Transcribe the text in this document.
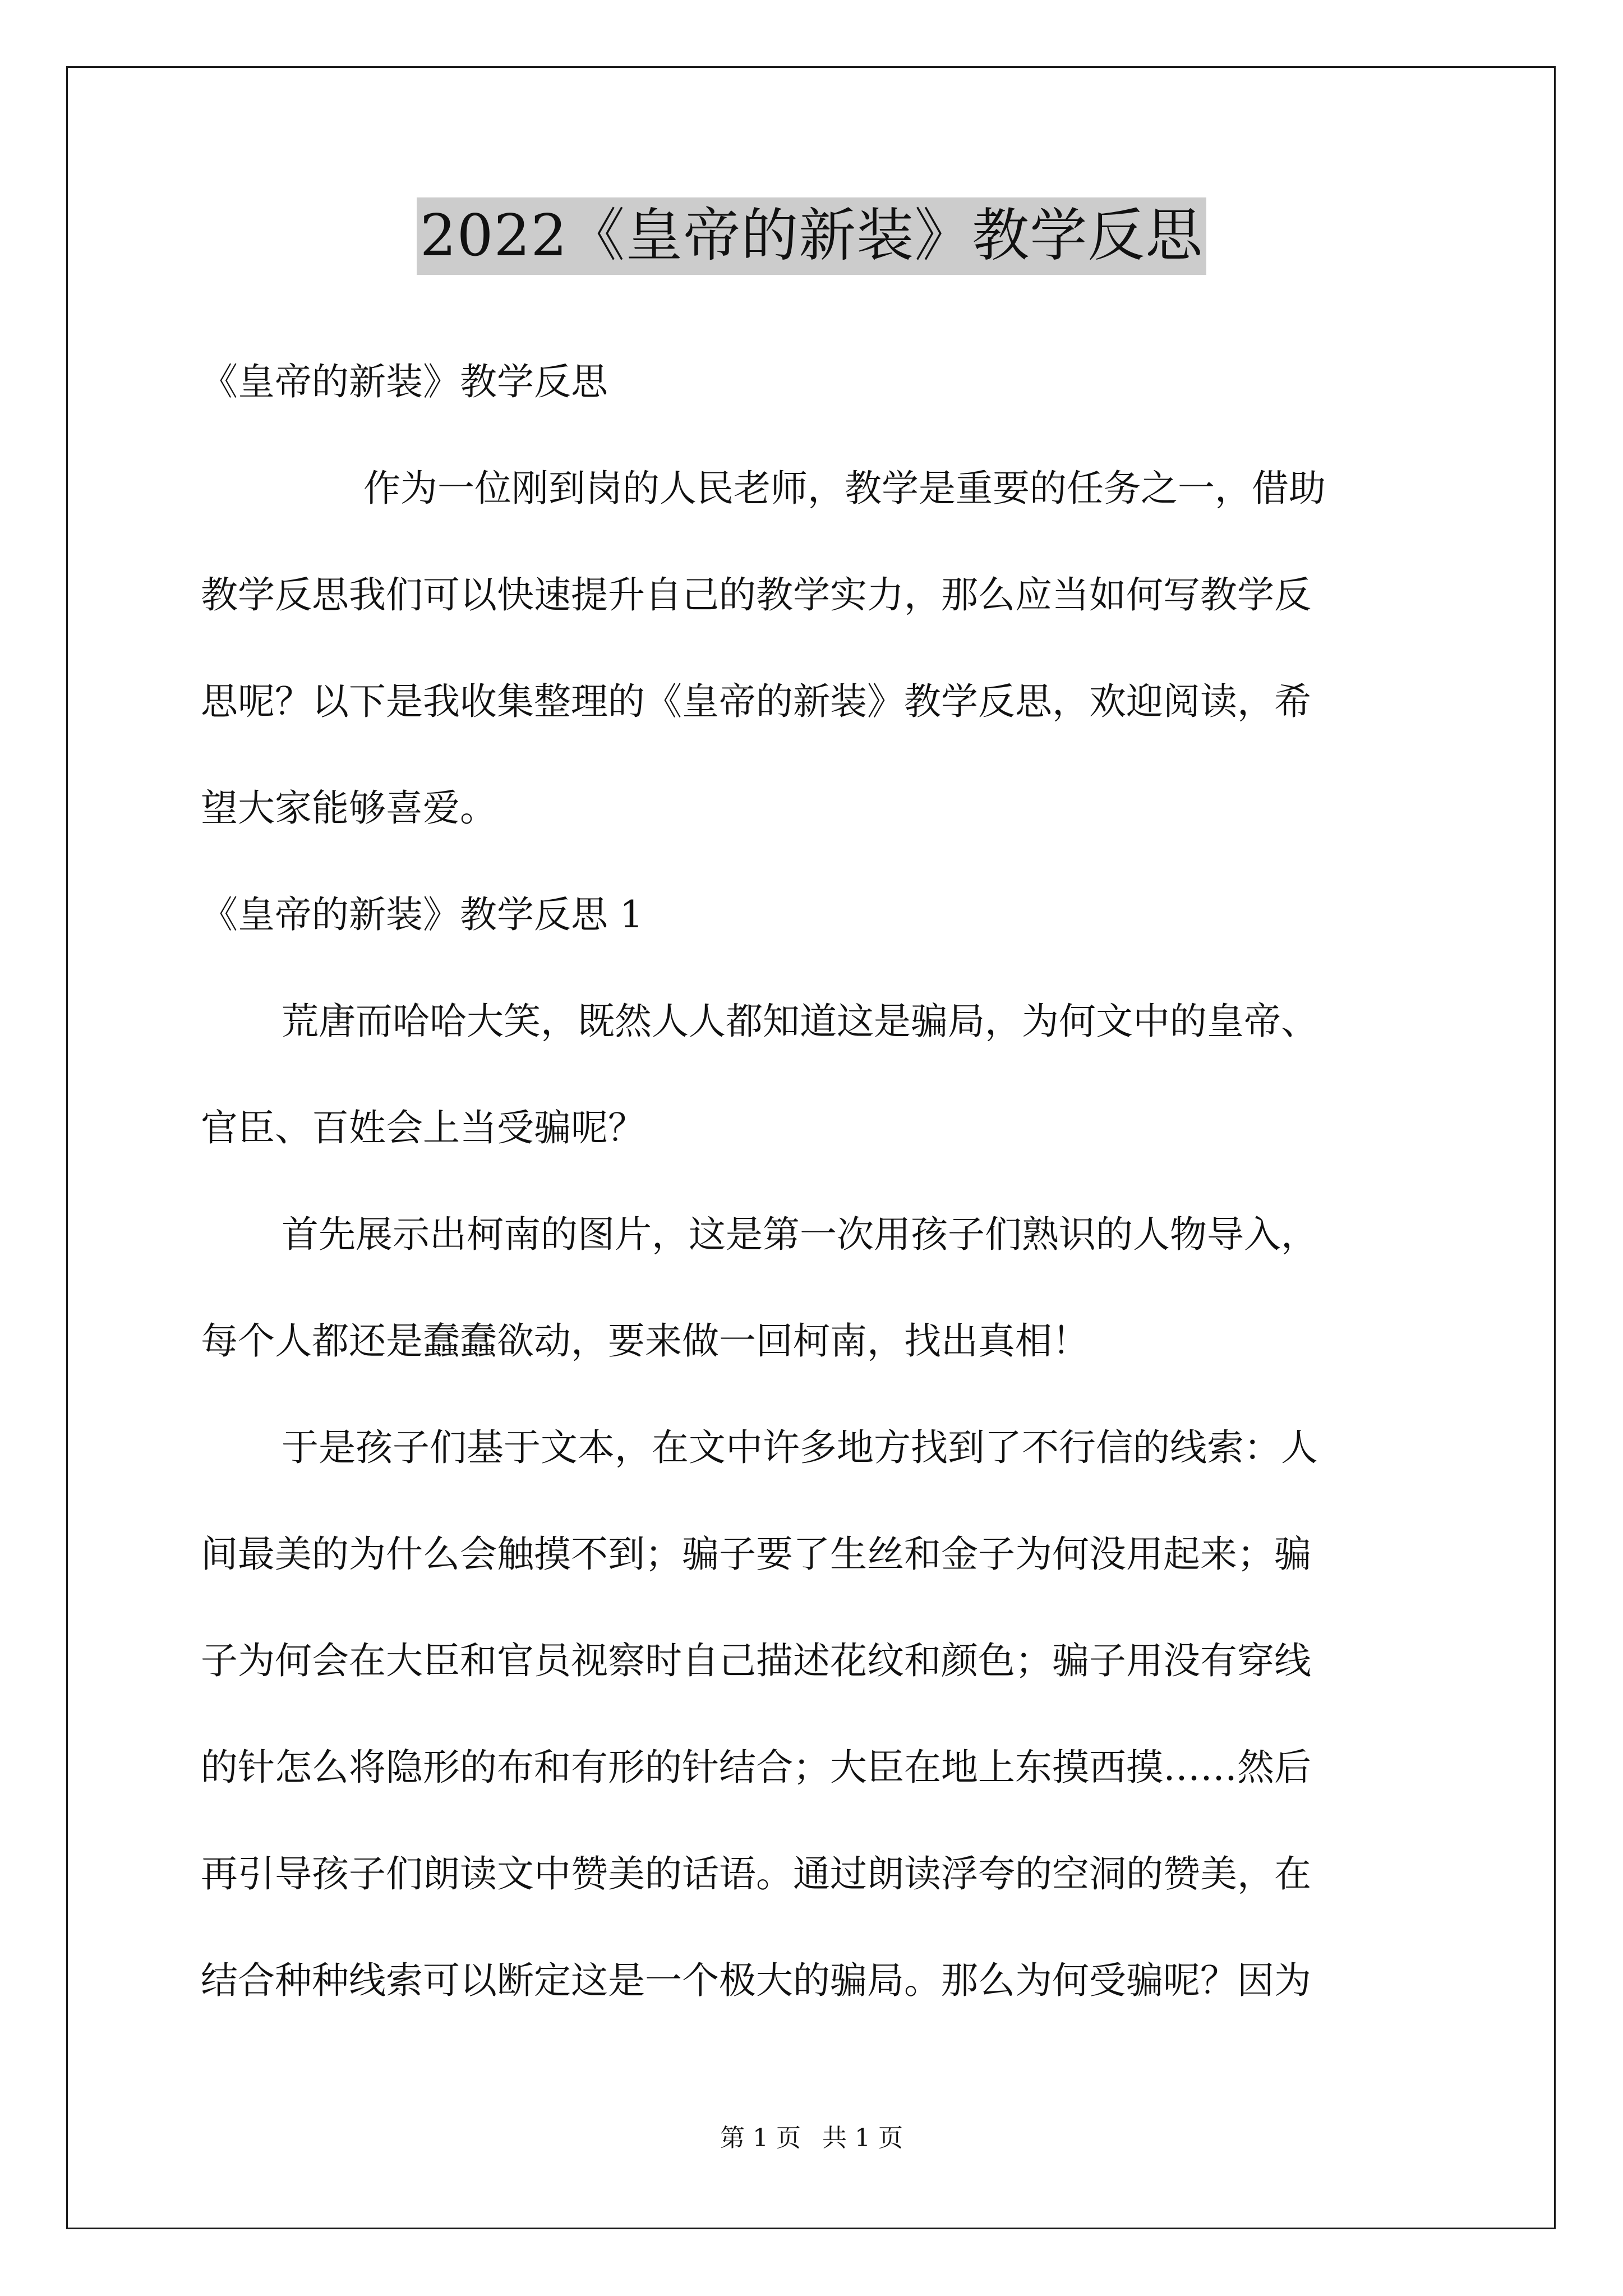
2022《皇帝的新装》教学反思

《皇帝的新装》教学反思

作为一位刚到岗的人民老师，教学是重要的任务之一，借助

教学反思我们可以快速提升自己的教学实力，那么应当如何写教学反

思呢？以下是我收集整理的《皇帝的新装》教学反思，欢迎阅读，希

望大家能够喜爱。

《皇帝的新装》教学反思 1

荒唐而哈哈大笑，既然人人都知道这是骗局，为何文中的皇帝、

官臣、百姓会上当受骗呢？

首先展示出柯南的图片，这是第一次用孩子们熟识的人物导入，

每个人都还是蠢蠢欲动，要来做一回柯南，找出真相！

于是孩子们基于文本，在文中许多地方找到了不行信的线索：人

间最美的为什么会触摸不到；骗子要了生丝和金子为何没用起来；骗

子为何会在大臣和官员视察时自己描述花纹和颜色；骗子用没有穿线

的针怎么将隐形的布和有形的针结合；大臣在地上东摸西摸……然后

再引导孩子们朗读文中赞美的话语。通过朗读浮夸的空洞的赞美，在

结合种种线索可以断定这是一个极大的骗局。那么为何受骗呢？因为

第 1 页 共 1 页
